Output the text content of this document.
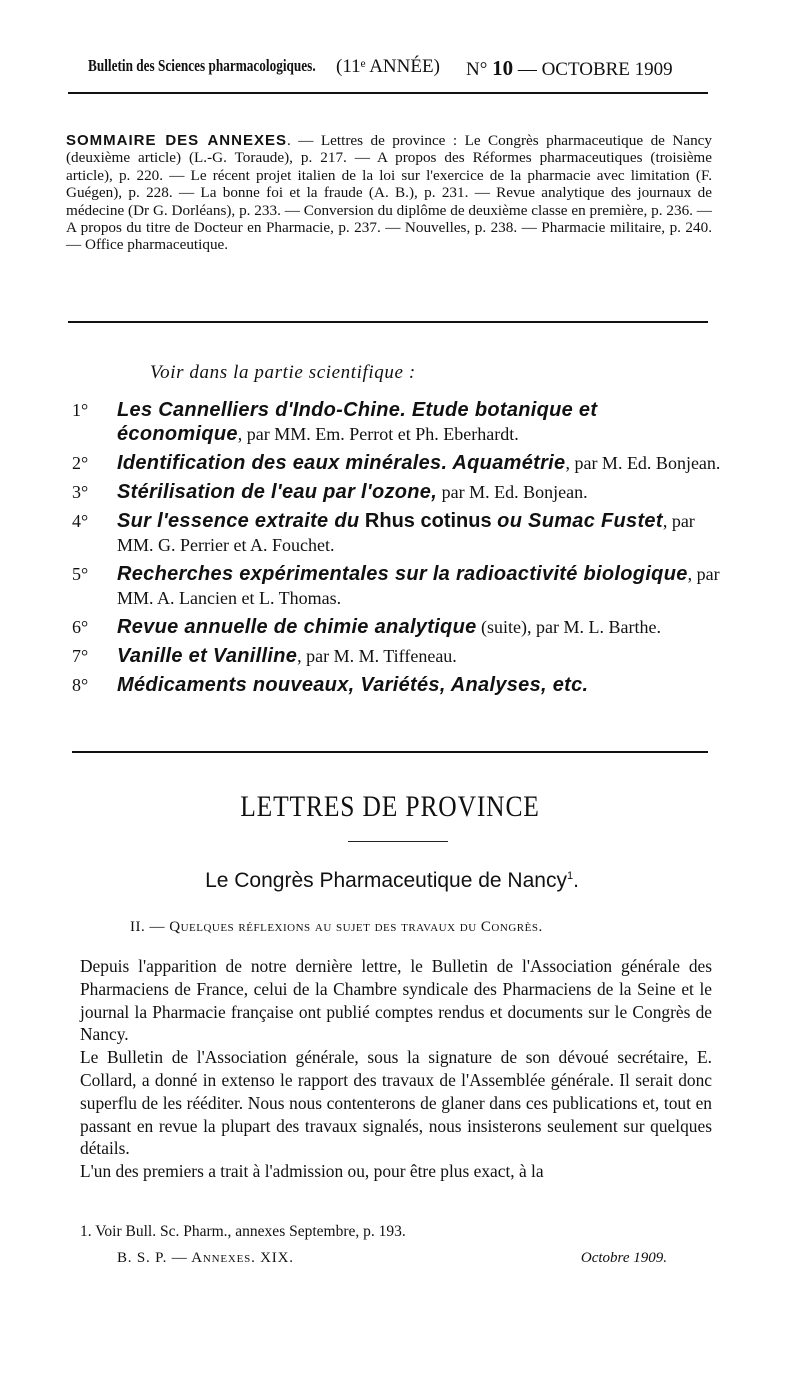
Bulletin des Sciences pharmacologiques. (11ᵉ ANNÉE) N° 10 — OCTOBRE 1909
SOMMAIRE DES ANNEXES. — Lettres de province : Le Congrès pharmaceutique de Nancy (deuxième article) (L.-G. Toraude), p. 217. — A propos des Réformes pharmaceutiques (troisième article), p. 220. — Le récent projet italien de la loi sur l'exercice de la pharmacie avec limitation (F. Guégen), p. 228. — La bonne foi et la fraude (A. B.), p. 231. — Revue analytique des journaux de médecine (Dr G. Dorléans), p. 233. — Conversion du diplôme de deuxième classe en première, p. 236. — A propos du titre de Docteur en Pharmacie, p. 237. — Nouvelles, p. 238. — Pharmacie militaire, p. 240. — Office pharmaceutique.
Voir dans la partie scientifique :
1° Les Cannelliers d'Indo-Chine. Etude botanique et économique, par MM. Em. Perrot et Ph. Eberhardt.
2° Identification des eaux minérales. Aquamétrie, par M. Ed. Bonjean.
3° Stérilisation de l'eau par l'ozone, par M. Ed. Bonjean.
4° Sur l'essence extraite du Rhus cotinus ou Sumac Fustet, par MM. G. Perrier et A. Fouchet.
5° Recherches expérimentales sur la radioactivité biologique, par MM. A. Lancien et L. Thomas.
6° Revue annuelle de chimie analytique (suite), par M. L. Barthe.
7° Vanille et Vanilline, par M. M. Tiffeneau.
8° Médicaments nouveaux, Variétés, Analyses, etc.
LETTRES DE PROVINCE
Le Congrès Pharmaceutique de Nancy$^1$.
II. — Quelques réflexions au sujet des travaux du Congrès.

Depuis l'apparition de notre dernière lettre, le Bulletin de l'Association générale des Pharmaciens de France, celui de la Chambre syndicale des Pharmaciens de la Seine et le journal la Pharmacie française ont publié comptes rendus et documents sur le Congrès de Nancy.

Le Bulletin de l'Association générale, sous la signature de son dévoué secrétaire, E. Collard, a donné in extenso le rapport des travaux de l'Assemblée générale. Il serait donc superflu de les rééditer. Nous nous contenterons de glaner dans ces publications et, tout en passant en revue la plupart des travaux signalés, nous insisterons seulement sur quelques détails.

L'un des premiers a trait à l'admission ou, pour être plus exact, à la

1. Voir Bull. Sc. Pharm., annexes Septembre, p. 193.
B. S. P. — Annexes. XIX.	Octobre 1909.
